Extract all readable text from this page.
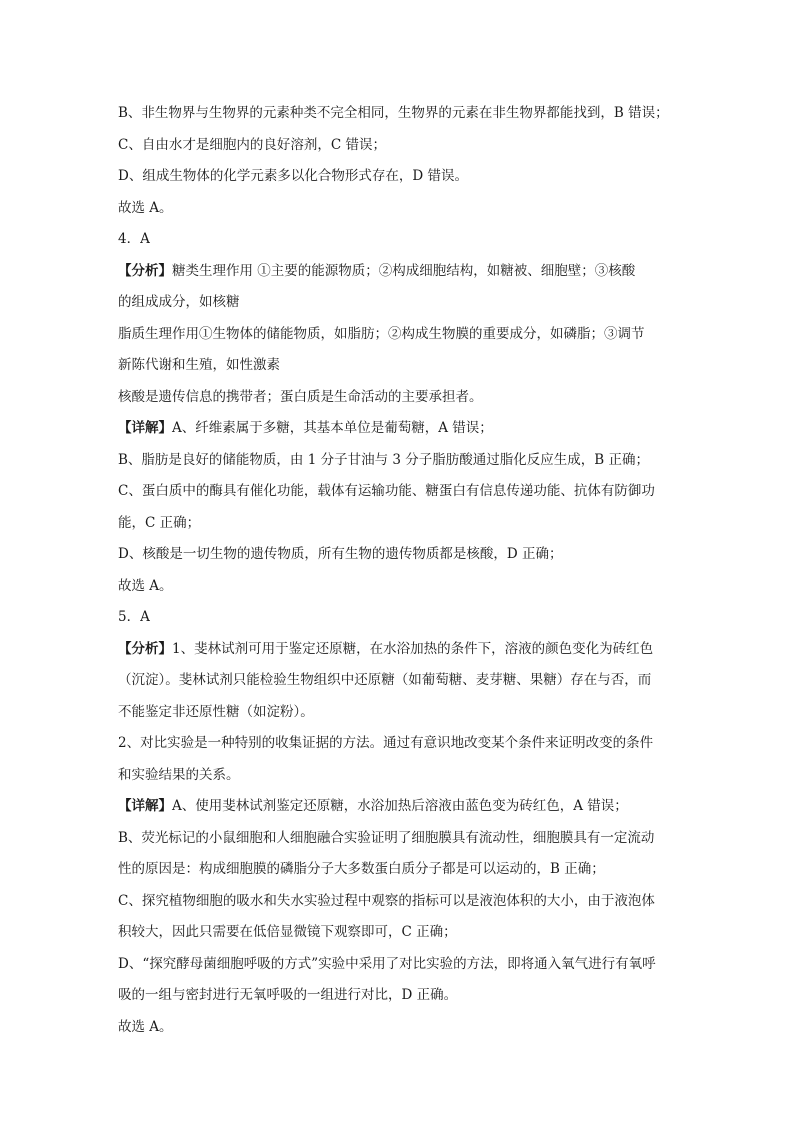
B、非生物界与生物界的元素种类不完全相同，生物界的元素在非生物界都能找到，B 错误；
C、自由水才是细胞内的良好溶剂，C 错误；
D、组成生物体的化学元素多以化合物形式存在，D 错误。
故选 A。
4．A
【分析】糖类生理作用 ①主要的能源物质；②构成细胞结构，如糖被、细胞壁；③核酸
的组成成分，如核糖
脂质生理作用①生物体的储能物质，如脂肪；②构成生物膜的重要成分，如磷脂；③调节
新陈代谢和生殖，如性激素
核酸是遗传信息的携带者；蛋白质是生命活动的主要承担者。
【详解】A、纤维素属于多糖，其基本单位是葡萄糖，A 错误；
B、脂肪是良好的储能物质，由 1 分子甘油与 3 分子脂肪酸通过脂化反应生成，B 正确；
C、蛋白质中的酶具有催化功能，载体有运输功能、糖蛋白有信息传递功能、抗体有防御功
能，C 正确；
D、核酸是一切生物的遗传物质，所有生物的遗传物质都是核酸，D 正确；
故选 A。
5．A
【分析】1、斐林试剂可用于鉴定还原糖，在水浴加热的条件下，溶液的颜色变化为砖红色
（沉淀）。斐林试剂只能检验生物组织中还原糖（如葡萄糖、麦芽糖、果糖）存在与否，而
不能鉴定非还原性糖（如淀粉）。
2、对比实验是一种特别的收集证据的方法。通过有意识地改变某个条件来证明改变的条件
和实验结果的关系。
【详解】A、使用斐林试剂鉴定还原糖，水浴加热后溶液由蓝色变为砖红色，A 错误；
B、荧光标记的小鼠细胞和人细胞融合实验证明了细胞膜具有流动性，细胞膜具有一定流动
性的原因是：构成细胞膜的磷脂分子大多数蛋白质分子都是可以运动的，B 正确；
C、探究植物细胞的吸水和失水实验过程中观察的指标可以是液泡体积的大小，由于液泡体
积较大，因此只需要在低倍显微镜下观察即可，C 正确；
D、“探究酵母菌细胞呼吸的方式”实验中采用了对比实验的方法，即将通入氧气进行有氧呼
吸的一组与密封进行无氧呼吸的一组进行对比，D 正确。
故选 A。
